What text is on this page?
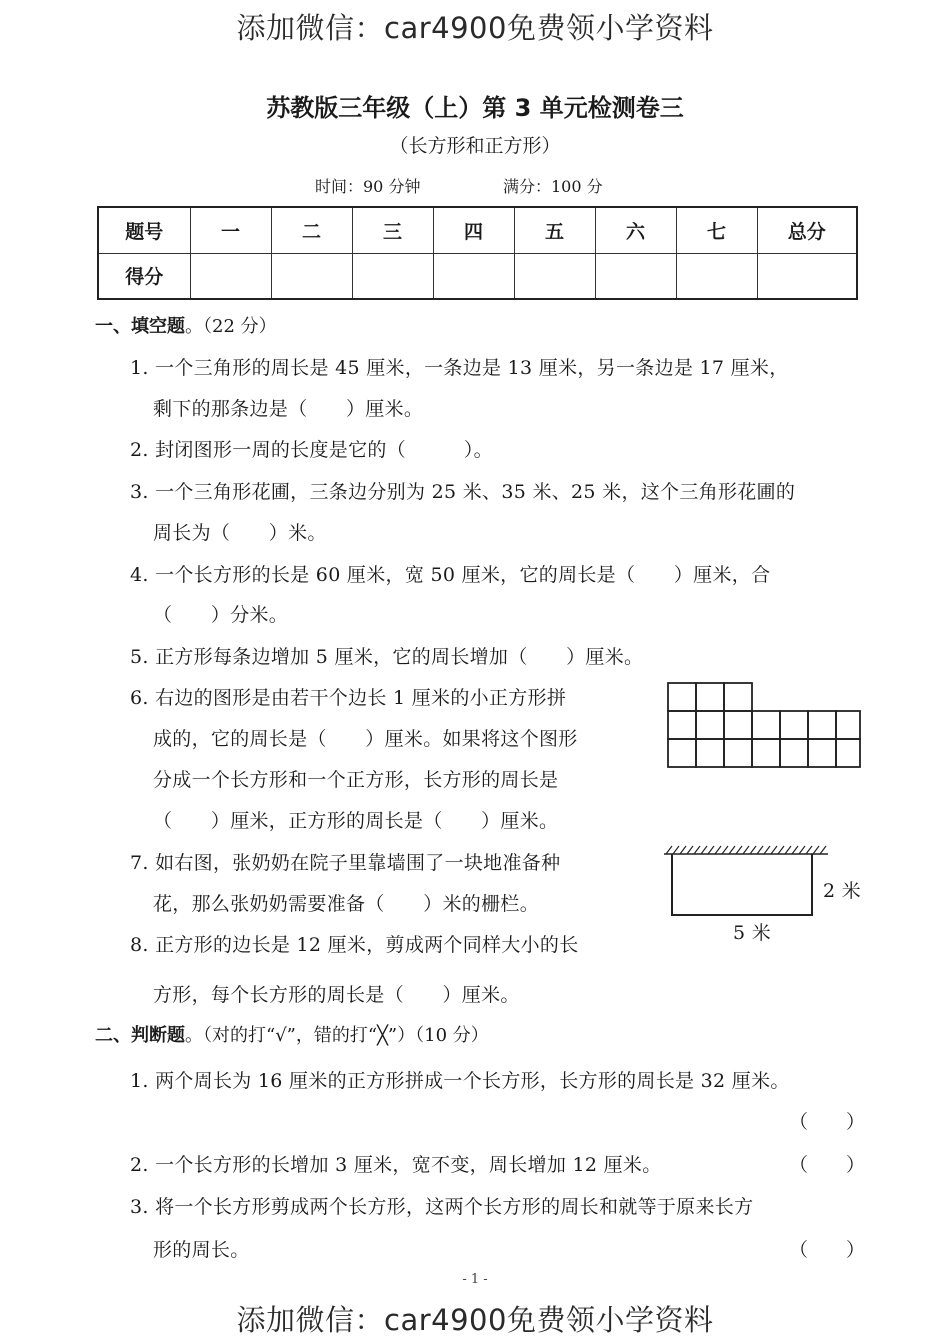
添加微信：car4900免费领小学资料
苏教版三年级（上）第 3 单元检测卷三
（长方形和正方形）
时间：90 分钟	满分：100 分
题号	一	二	三	四	五	六	七	总分
得分								
一、填空题。（22 分）
1. 一个三角形的周长是 45 厘米，一条边是 13 厘米，另一条边是 17 厘米，
剩下的那条边是（　　）厘米。
2. 封闭图形一周的长度是它的（　　　）。
3. 一个三角形花圃，三条边分别为 25 米、35 米、25 米，这个三角形花圃的
周长为（　　）米。
4. 一个长方形的长是 60 厘米，宽 50 厘米，它的周长是（　　）厘米，合
（　　）分米。
5. 正方形每条边增加 5 厘米，它的周长增加（　　）厘米。
6. 右边的图形是由若干个边长 1 厘米的小正方形拼
成的，它的周长是（　　）厘米。如果将这个图形
分成一个长方形和一个正方形，长方形的周长是
（　　）厘米，正方形的周长是（　　）厘米。
7. 如右图，张奶奶在院子里靠墙围了一块地准备种
花，那么张奶奶需要准备（　　）米的栅栏。
2 米
5 米
8. 正方形的边长是 12 厘米，剪成两个同样大小的长
方形，每个长方形的周长是（　　）厘米。
二、判断题。（对的打“√”，错的打“╳”）（10 分）
1. 两个周长为 16 厘米的正方形拼成一个长方形，长方形的周长是 32 厘米。
（　　）
2. 一个长方形的长增加 3 厘米，宽不变，周长增加 12 厘米。	（　　）
3. 将一个长方形剪成两个长方形，这两个长方形的周长和就等于原来长方
形的周长。	（　　）
- 1 -
添加微信：car4900免费领小学资料
